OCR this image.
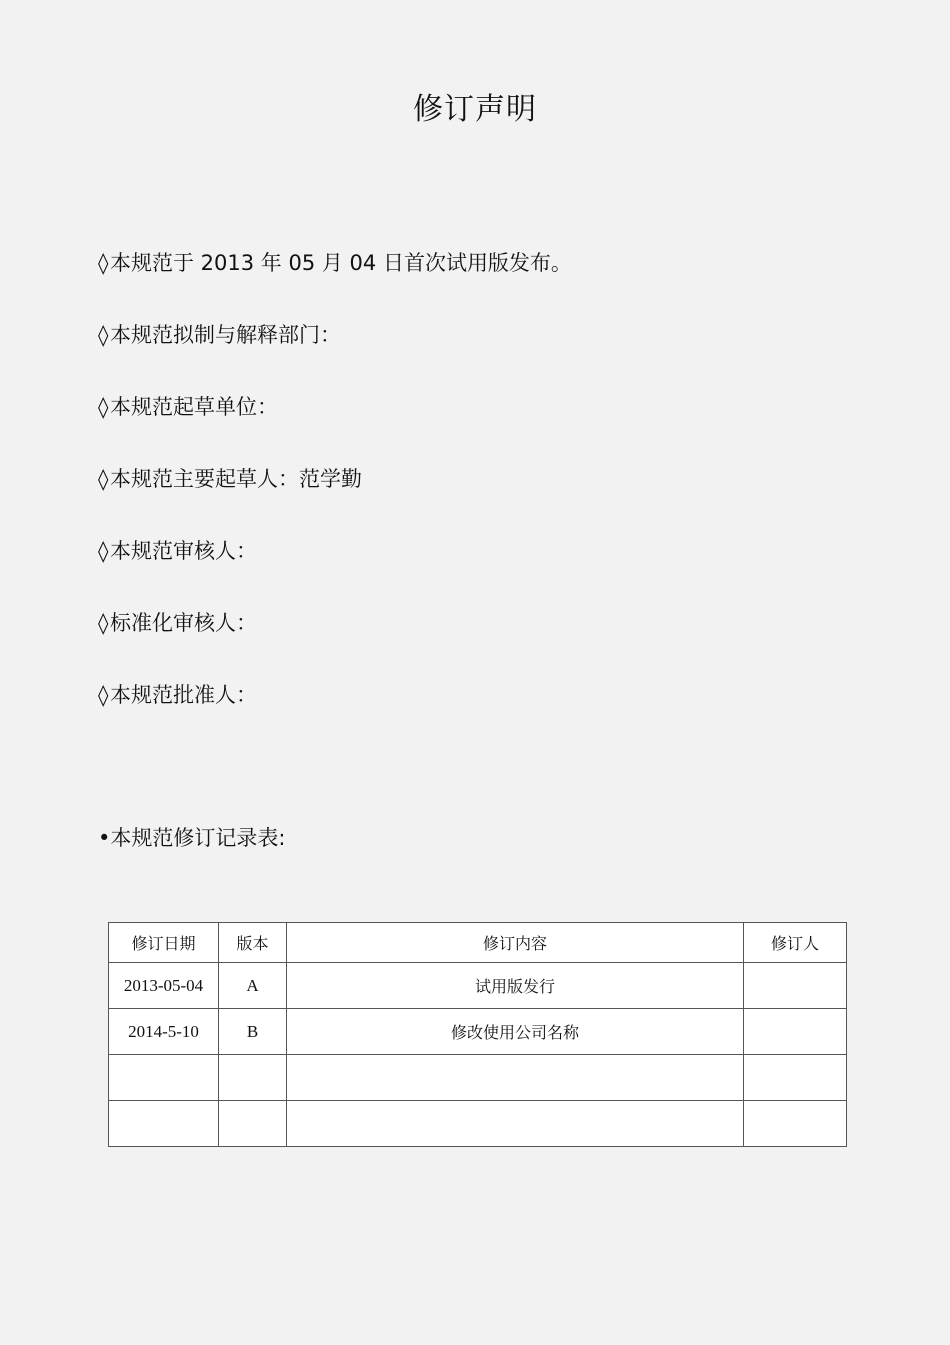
修订声明
◊本规范于 2013 年 05 月 04 日首次试用版发布。
◊本规范拟制与解释部门：
◊本规范起草单位：
◊本规范主要起草人：范学勤
◊本规范审核人：
◊标准化审核人：
◊本规范批准人：
•本规范修订记录表:
修订日期	版本	修订内容	修订人
2013-05-04	A	试用版发行	
2014-5-10	B	修改使用公司名称	
